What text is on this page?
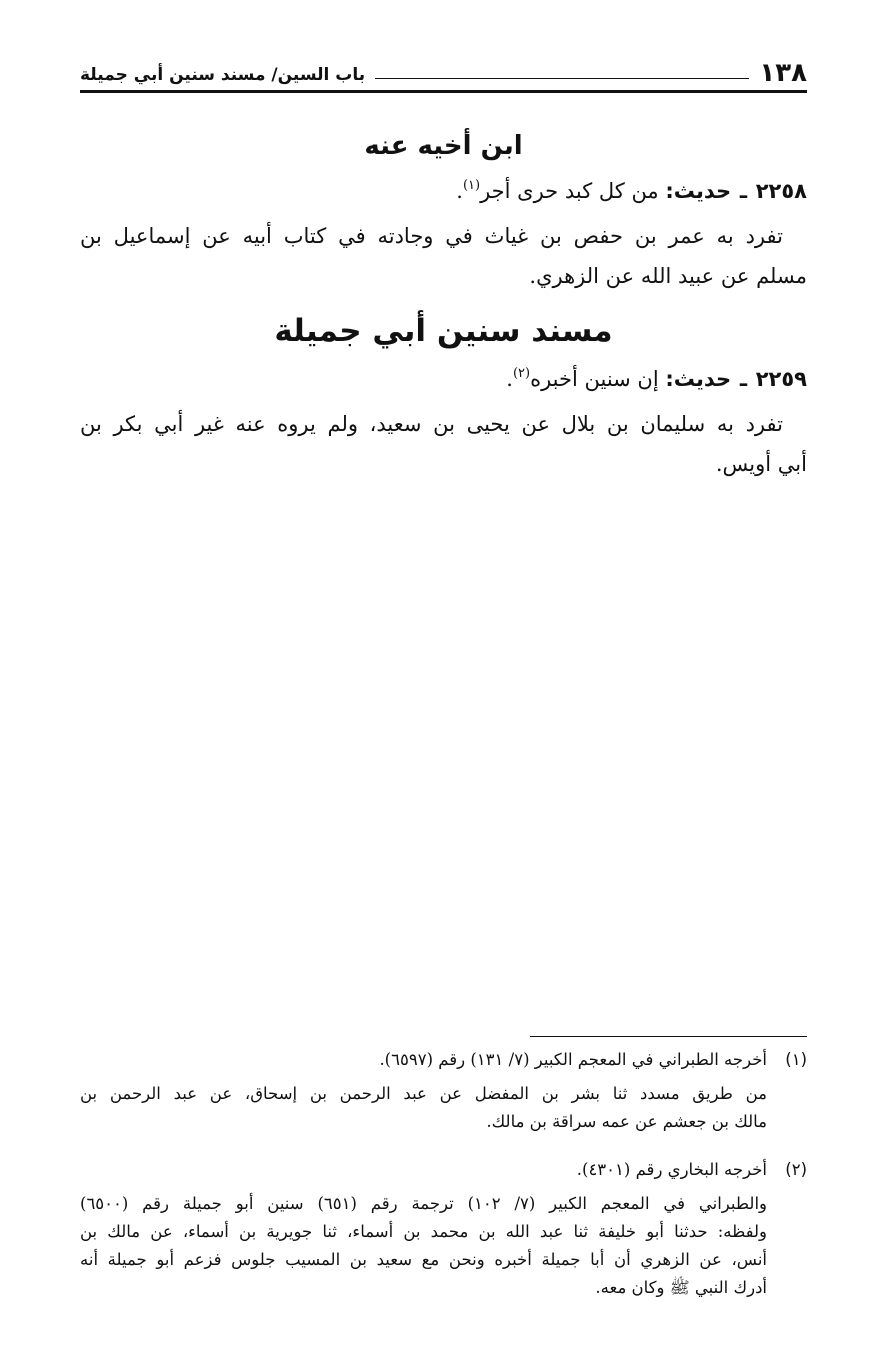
١٣٨
باب السين/ مسند سنين أبي جميلة
ابن أخيه عنه
٢٢٥٨ ـ حديث: من كل كبد حرى أجر$^{(١)}$.
تفرد به عمر بن حفص بن غياث في وجادته في كتاب أبيه عن إسماعيل بن
مسلم عن عبيد الله عن الزهري.
مسند سنين أبي جميلة
٢٢٥٩ ـ حديث: إن سنين أخبره$^{(٢)}$.
تفرد به سليمان بن بلال عن يحيى بن سعيد، ولم يروه عنه غير أبي بكر بن
أبي أويس.
(١)أخرجه الطبراني في المعجم الكبير (٧/ ١٣١) رقم (٦٥٩٧).
من طريق مسدد ثنا بشر بن المفضل عن عبد الرحمن بن إسحاق، عن عبد الرحمن بن
مالك بن جعشم عن عمه سراقة بن مالك.
(٢)أخرجه البخاري رقم (٤٣٠١).
والطبراني في المعجم الكبير (٧/ ١٠٢) ترجمة رقم (٦٥١) سنين أبو جميلة رقم (٦٥٠٠)
ولفظه: حدثنا أبو خليفة ثنا عبد الله بن محمد بن أسماء، ثنا جويرية بن أسماء، عن مالك بن
أنس، عن الزهري أن أبا جميلة أخبره ونحن مع سعيد بن المسيب جلوس فزعم أبو جميلة أنه
أدرك النبي ﷺ وكان معه.
